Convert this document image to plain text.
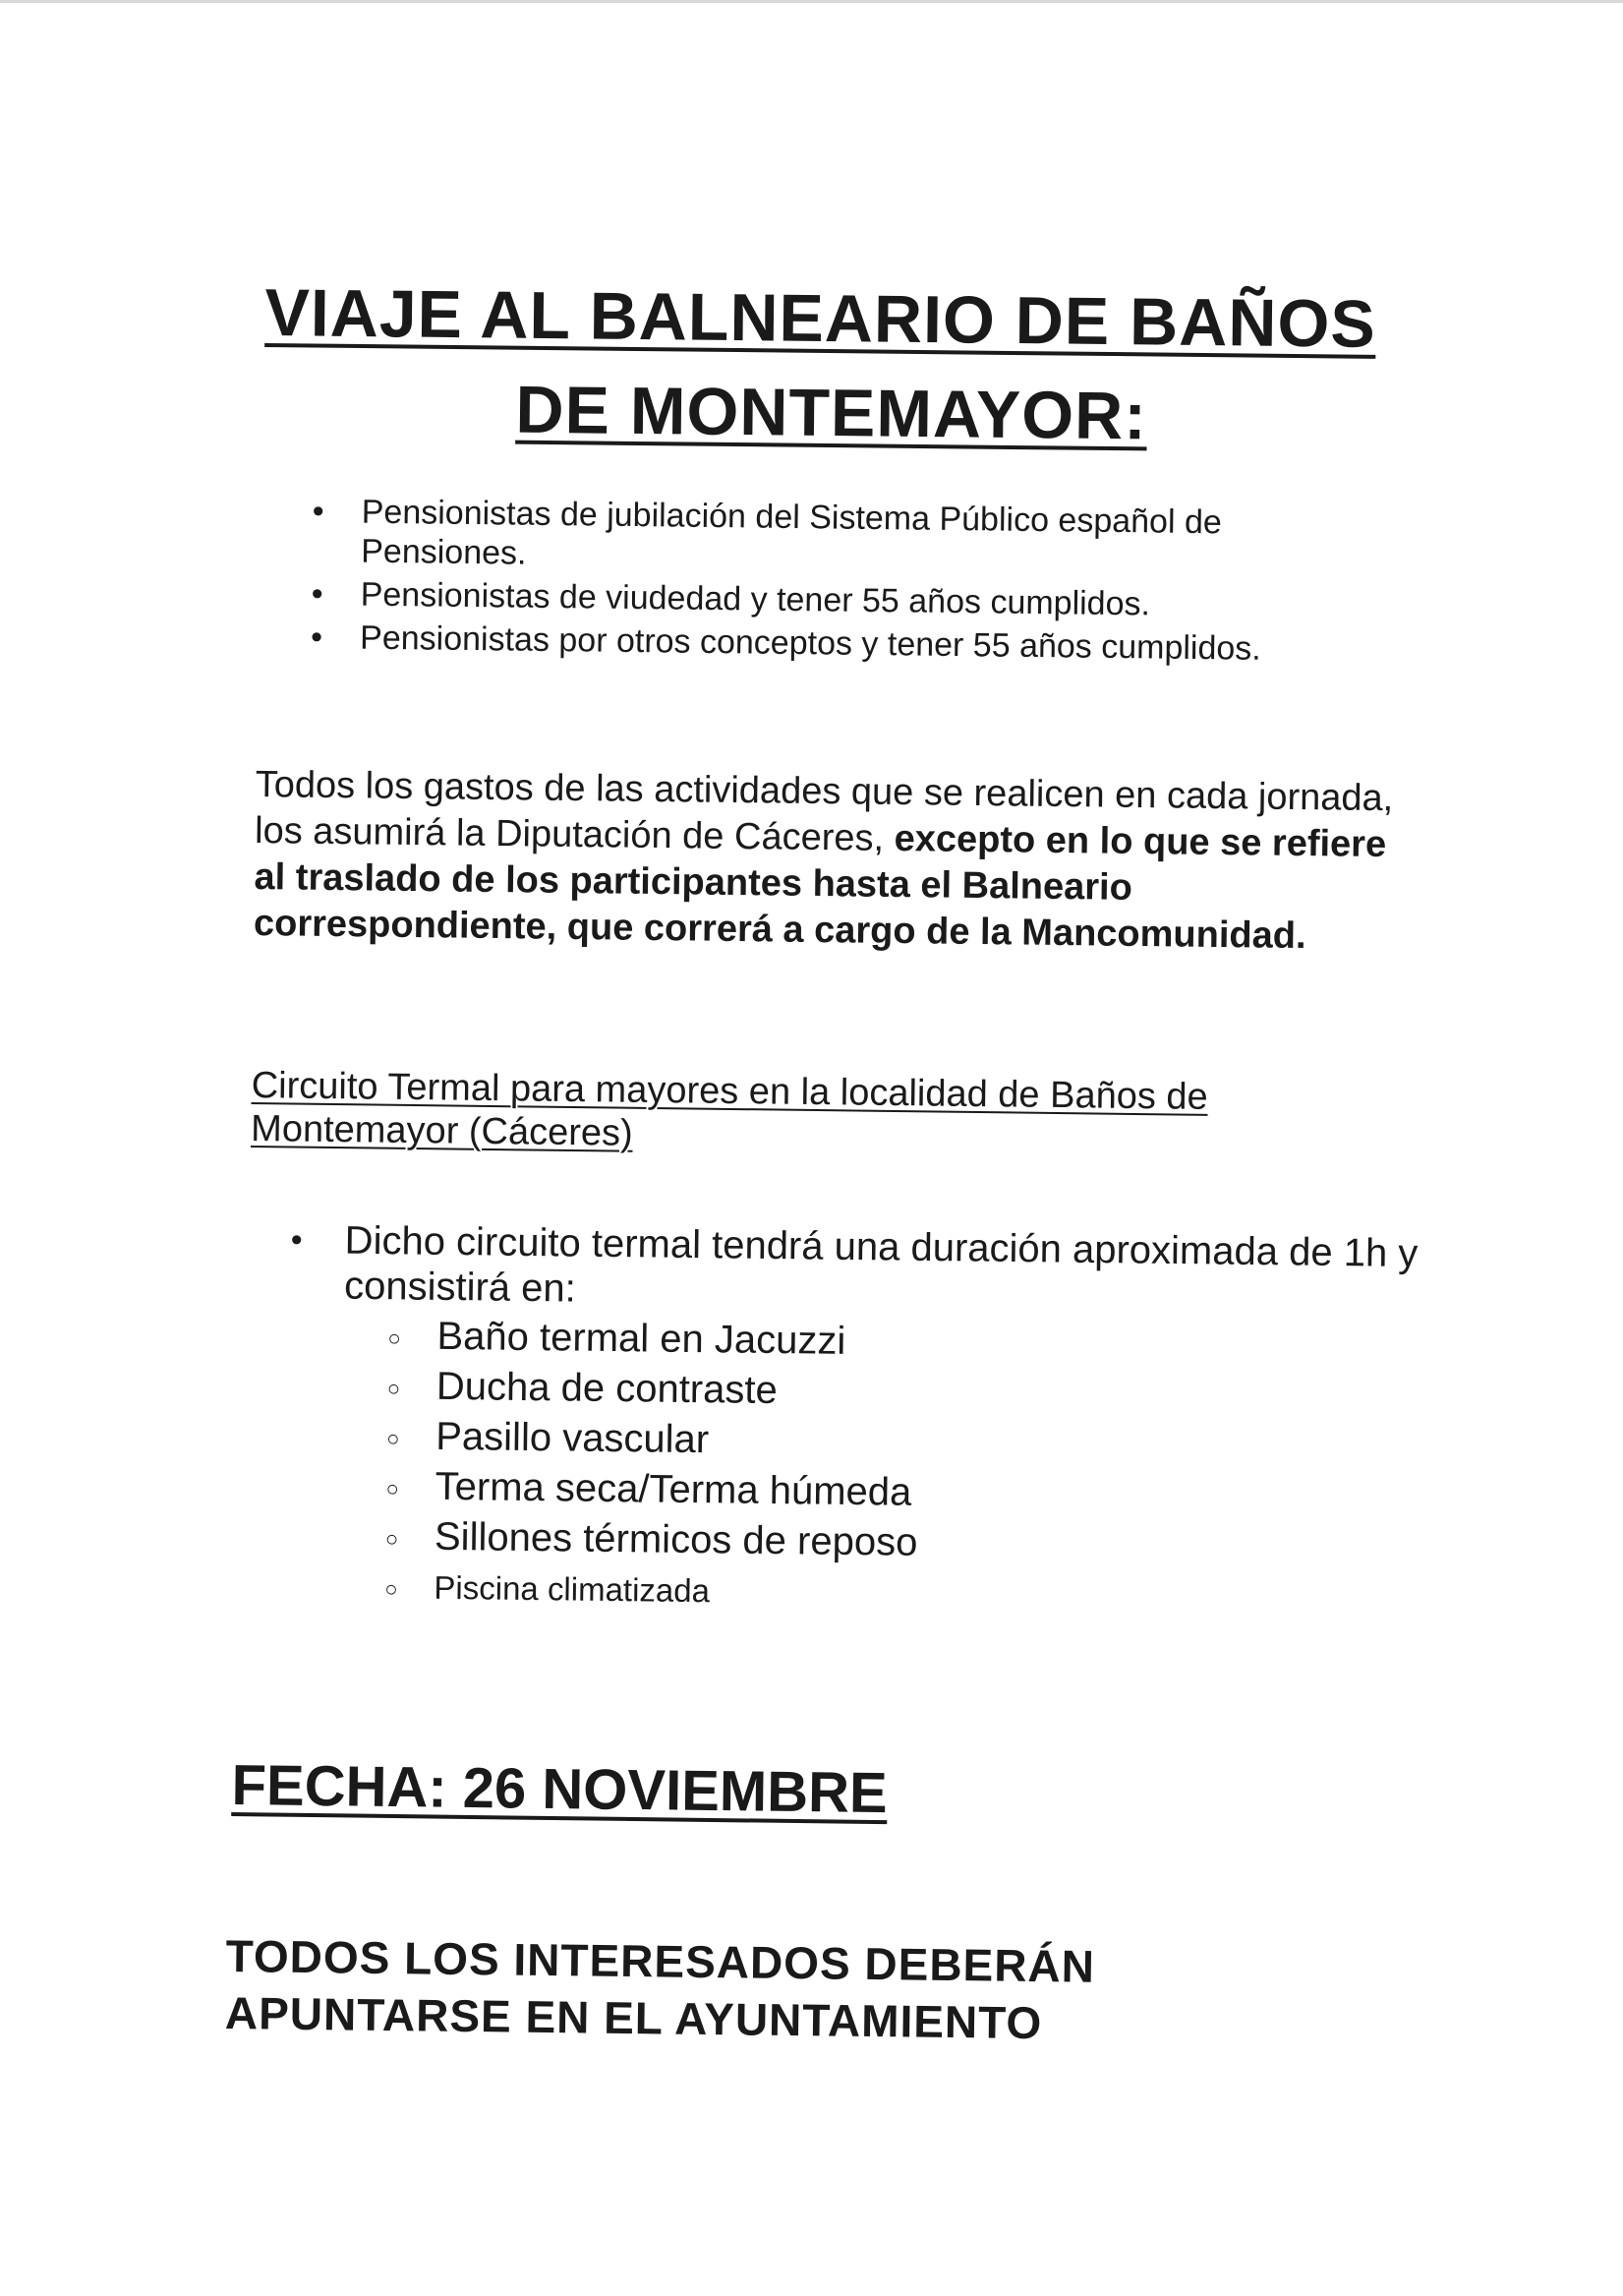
VIAJE AL BALNEARIO DE BAÑOS
DE MONTEMAYOR:
• Pensionistas de jubilación del Sistema Público español de Pensiones.
• Pensionistas de viudedad y tener 55 años cumplidos.
• Pensionistas por otros conceptos y tener 55 años cumplidos.
Todos los gastos de las actividades que se realicen en cada jornada, los asumirá la Diputación de Cáceres, excepto en lo que se refiere al traslado de los participantes hasta el Balneario correspondiente, que correrá a cargo de la Mancomunidad.
Circuito Termal para mayores en la localidad de Baños de Montemayor (Cáceres)
• Dicho circuito termal tendrá una duración aproximada de 1h y consistirá en:
○ Baño termal en Jacuzzi
○ Ducha de contraste
○ Pasillo vascular
○ Terma seca/Terma húmeda
○ Sillones térmicos de reposo
○ Piscina climatizada
FECHA: 26 NOVIEMBRE
TODOS LOS INTERESADOS DEBERÁN
APUNTARSE EN EL AYUNTAMIENTO
